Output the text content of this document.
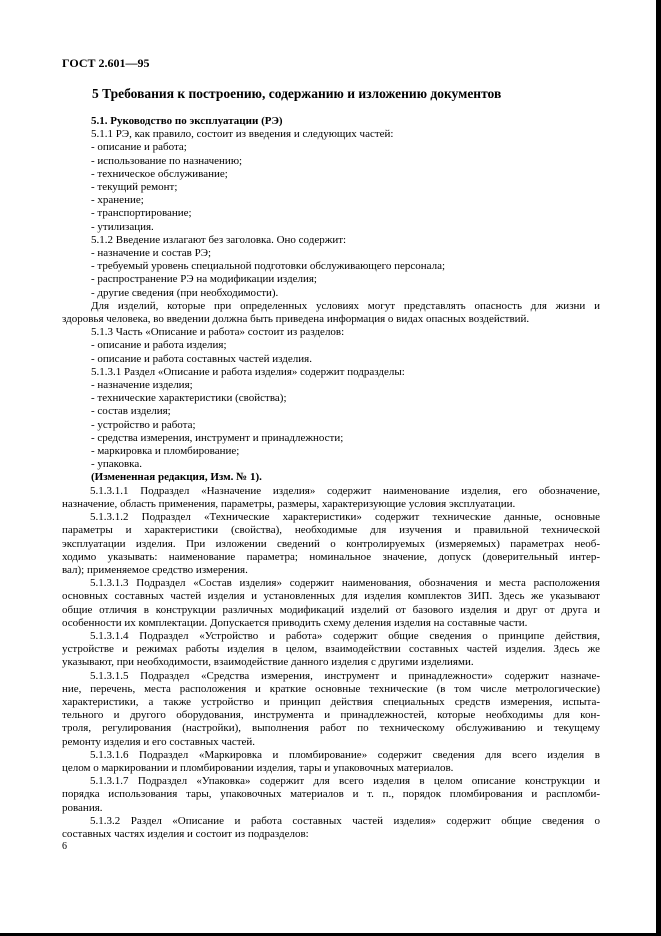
ГОСТ 2.601—95
5 Требования к построению, содержанию и изложению документов
5.1. Руководство по эксплуатации (РЭ)
5.1.1 РЭ, как правило, состоит из введения и следующих частей:
- описание и работа;
- использование по назначению;
- техническое обслуживание;
- текущий ремонт;
- хранение;
- транспортирование;
- утилизация.
5.1.2 Введение излагают без заголовка. Оно содержит:
- назначение и состав РЭ;
- требуемый уровень специальной подготовки обслуживающего персонала;
- распространение РЭ на модификации изделия;
- другие сведения (при необходимости).
Для изделий, которые при определенных условиях могут представлять опасность для жизни и
здоровья человека, во введении должна быть приведена информация о видах опасных воздействий.
5.1.3 Часть «Описание и работа» состоит из разделов:
- описание и работа изделия;
- описание и работа составных частей изделия.
5.1.3.1 Раздел «Описание и работа изделия» содержит подразделы:
- назначение изделия;
- технические характеристики (свойства);
- состав изделия;
- устройство и работа;
- средства измерения, инструмент и принадлежности;
- маркировка и пломбирование;
- упаковка.
(Измененная редакция, Изм. № 1).
5.1.3.1.1 Подраздел «Назначение изделия» содержит наименование изделия, его обозначение,
назначение, область применения, параметры, размеры, характеризующие условия эксплуатации.
5.1.3.1.2 Подраздел «Технические характеристики» содержит технические данные, основные
параметры и характеристики (свойства), необходимые для изучения и правильной технической
эксплуатации изделия. При изложении сведений о контролируемых (измеряемых) параметрах необ-
ходимо указывать: наименование параметра; номинальное значение, допуск (доверительный интер-
вал); применяемое средство измерения.
5.1.3.1.3 Подраздел «Состав изделия» содержит наименования, обозначения и места расположения
основных составных частей изделия и установленных для изделия комплектов ЗИП. Здесь же указывают
общие отличия в конструкции различных модификаций изделий от базового изделия и друг от друга и
особенности их комплектации. Допускается приводить схему деления изделия на составные части.
5.1.3.1.4 Подраздел «Устройство и работа» содержит общие сведения о принципе действия,
устройстве и режимах работы изделия в целом, взаимодействии составных частей изделия. Здесь же
указывают, при необходимости, взаимодействие данного изделия с другими изделиями.
5.1.3.1.5 Подраздел «Средства измерения, инструмент и принадлежности» содержит назначе-
ние, перечень, места расположения и краткие основные технические (в том числе метрологические)
характеристики, а также устройство и принцип действия специальных средств измерения, испыта-
тельного и другого оборудования, инструмента и принадлежностей, которые необходимы для кон-
троля, регулирования (настройки), выполнения работ по техническому обслуживанию и текущему
ремонту изделия и его составных частей.
5.1.3.1.6 Подраздел «Маркировка и пломбирование» содержит сведения для всего изделия в
целом о маркировании и пломбировании изделия, тары и упаковочных материалов.
5.1.3.1.7 Подраздел «Упаковка» содержит для всего изделия в целом описание конструкции и
порядка использования тары, упаковочных материалов и т. п., порядок пломбирования и распломби-
рования.
5.1.3.2 Раздел «Описание и работа составных частей изделия» содержит общие сведения о
составных частях изделия и состоит из подразделов:
6
